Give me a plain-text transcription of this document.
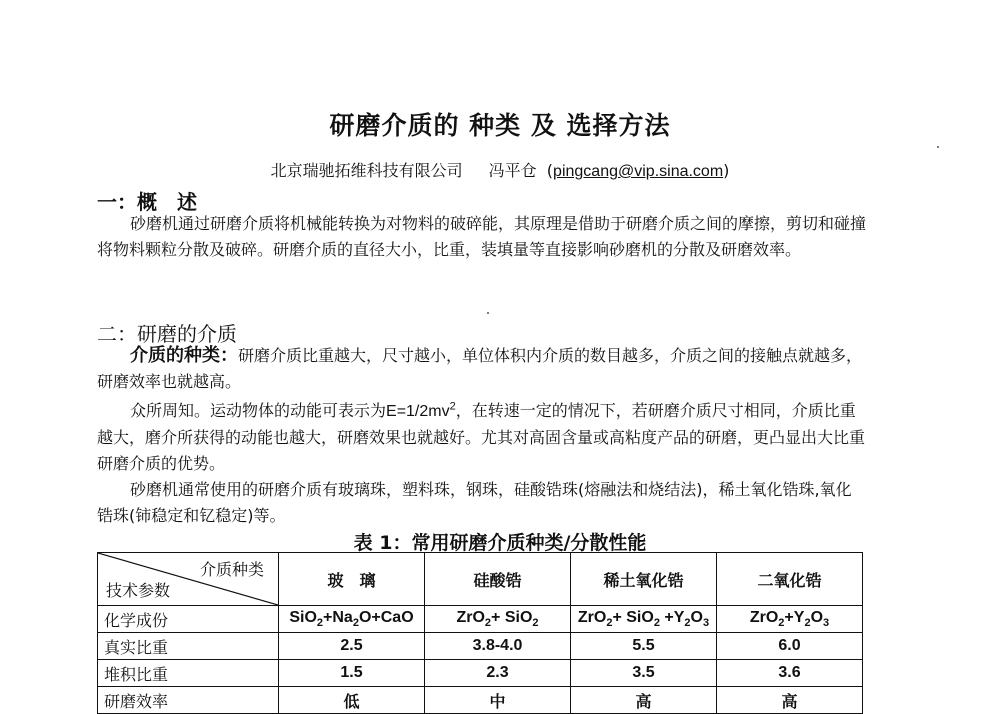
研磨介质的 种类 及 选择方法
北京瑞驰拓维科技有限公司 冯平仓 (pingcang@vip.sina.com)
一：概　述
砂磨机通过研磨介质将机械能转换为对物料的破碎能，其原理是借助于研磨介质之间的摩擦，剪切和碰撞将物料颗粒分散及破碎。研磨介质的直径大小，比重，装填量等直接影响砂磨机的分散及研磨效率。
二：研磨的介质
介质的种类：研磨介质比重越大，尺寸越小，单位体积内介质的数目越多，介质之间的接触点就越多，研磨效率也就越高。
众所周知。运动物体的动能可表示为$E=1/2mv^2$，在转速一定的情况下，若研磨介质尺寸相同，介质比重越大，磨介所获得的动能也越大，研磨效果也就越好。尤其对高固含量或高粘度产品的研磨，更凸显出大比重研磨介质的优势。
砂磨机通常使用的研磨介质有玻璃珠，塑料珠，钢珠，硅酸锆珠(熔融法和烧结法)，稀土氧化锆珠,氧化锆珠(铈稳定和钇稳定)等。
表 1：常用研磨介质种类/分散性能
介质种类
技术参数	玻　璃	硅酸锆	稀土氧化锆	二氧化锆
化学成份	$SiO_2+Na_2O+CaO$	ZrO$_2$+ SiO$_2$	$ZrO_2+ SiO_2 +Y_2O_3$	$ZrO_2+Y_2O_3$
真实比重	2.5	3.8-4.0	5.5	6.0
堆积比重	1.5	2.3	3.5	3.6
研磨效率	低	中	高	高
